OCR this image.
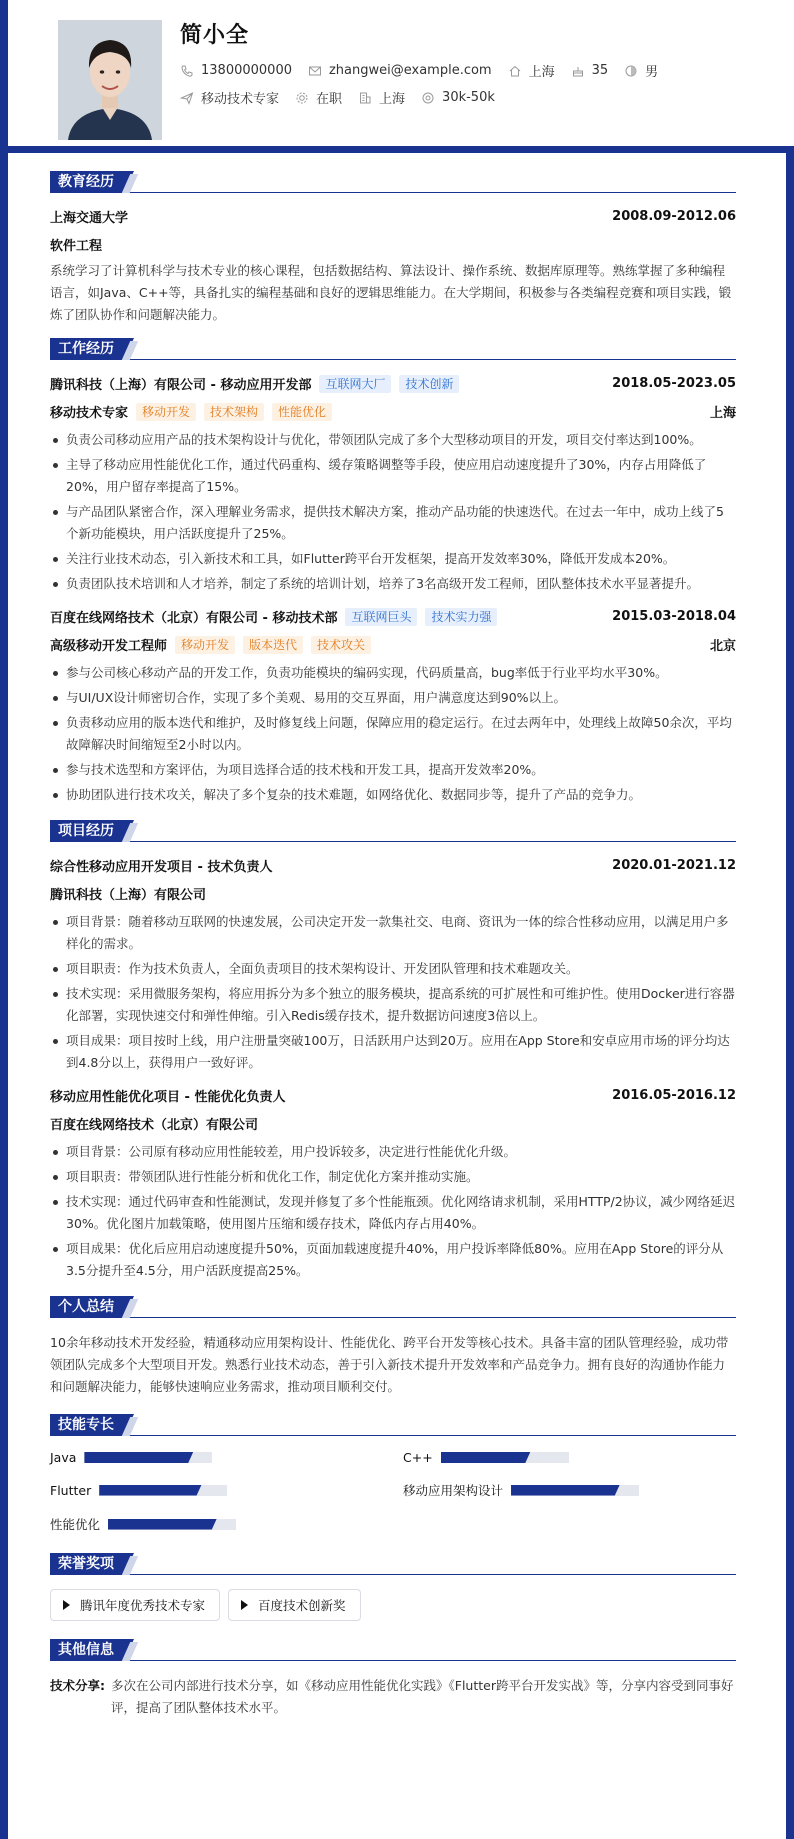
简小全
13800000000	zhangwei@example.com	上海	35	男
移动技术专家	在职	上海	30k-50k
教育经历
上海交通大学	2008.09-2012.06
软件工程
系统学习了计算机科学与技术专业的核心课程，包括数据结构、算法设计、操作系统、数据库原理等。熟练掌握了多种编程语言，如Java、C++等，具备扎实的编程基础和良好的逻辑思维能力。在大学期间，积极参与各类编程竞赛和项目实践，锻炼了团队协作和问题解决能力。
工作经历
腾讯科技（上海）有限公司 - 移动应用开发部	互联网大厂	技术创新	2018.05-2023.05
移动技术专家	移动开发	技术架构	性能优化	上海
负责公司移动应用产品的技术架构设计与优化，带领团队完成了多个大型移动项目的开发，项目交付率达到100%。
主导了移动应用性能优化工作，通过代码重构、缓存策略调整等手段，使应用启动速度提升了30%，内存占用降低了20%，用户留存率提高了15%。
与产品团队紧密合作，深入理解业务需求，提供技术解决方案，推动产品功能的快速迭代。在过去一年中，成功上线了5个新功能模块，用户活跃度提升了25%。
关注行业技术动态，引入新技术和工具，如Flutter跨平台开发框架，提高开发效率30%，降低开发成本20%。
负责团队技术培训和人才培养，制定了系统的培训计划，培养了3名高级开发工程师，团队整体技术水平显著提升。
百度在线网络技术（北京）有限公司 - 移动技术部	互联网巨头	技术实力强	2015.03-2018.04
高级移动开发工程师	移动开发	版本迭代	技术攻关	北京
参与公司核心移动产品的开发工作，负责功能模块的编码实现，代码质量高，bug率低于行业平均水平30%。
与UI/UX设计师密切合作，实现了多个美观、易用的交互界面，用户满意度达到90%以上。
负责移动应用的版本迭代和维护，及时修复线上问题，保障应用的稳定运行。在过去两年中，处理线上故障50余次，平均故障解决时间缩短至2小时以内。
参与技术选型和方案评估，为项目选择合适的技术栈和开发工具，提高开发效率20%。
协助团队进行技术攻关，解决了多个复杂的技术难题，如网络优化、数据同步等，提升了产品的竞争力。
项目经历
综合性移动应用开发项目 - 技术负责人	2020.01-2021.12
腾讯科技（上海）有限公司
项目背景：随着移动互联网的快速发展，公司决定开发一款集社交、电商、资讯为一体的综合性移动应用，以满足用户多样化的需求。
项目职责：作为技术负责人，全面负责项目的技术架构设计、开发团队管理和技术难题攻关。
技术实现：采用微服务架构，将应用拆分为多个独立的服务模块，提高系统的可扩展性和可维护性。使用Docker进行容器化部署，实现快速交付和弹性伸缩。引入Redis缓存技术，提升数据访问速度3倍以上。
项目成果：项目按时上线，用户注册量突破100万，日活跃用户达到20万。应用在App Store和安卓应用市场的评分均达到4.8分以上，获得用户一致好评。
移动应用性能优化项目 - 性能优化负责人	2016.05-2016.12
百度在线网络技术（北京）有限公司
项目背景：公司原有移动应用性能较差，用户投诉较多，决定进行性能优化升级。
项目职责：带领团队进行性能分析和优化工作，制定优化方案并推动实施。
技术实现：通过代码审查和性能测试，发现并修复了多个性能瓶颈。优化网络请求机制，采用HTTP/2协议，减少网络延迟30%。优化图片加载策略，使用图片压缩和缓存技术，降低内存占用40%。
项目成果：优化后应用启动速度提升50%，页面加载速度提升40%，用户投诉率降低80%。应用在App Store的评分从3.5分提升至4.5分，用户活跃度提高25%。
个人总结
10余年移动技术开发经验，精通移动应用架构设计、性能优化、跨平台开发等核心技术。具备丰富的团队管理经验，成功带领团队完成多个大型项目开发。熟悉行业技术动态，善于引入新技术提升开发效率和产品竞争力。拥有良好的沟通协作能力和问题解决能力，能够快速响应业务需求，推动项目顺利交付。
技能专长
Java	C++
Flutter	移动应用架构设计
性能优化
荣誉奖项
腾讯年度优秀技术专家	百度技术创新奖
其他信息
技术分享: 多次在公司内部进行技术分享，如《移动应用性能优化实践》《Flutter跨平台开发实战》等，分享内容受到同事好评，提高了团队整体技术水平。
